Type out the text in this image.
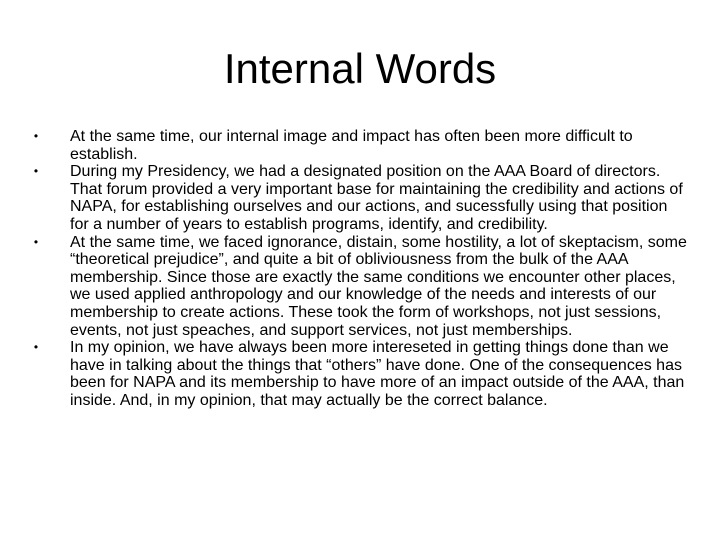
Internal Words
• At the same time, our internal image and impact has often been more difficult to establish.
• During my Presidency, we had a designated position on the AAA Board of directors. That forum provided a very important base for maintaining the credibility and actions of NAPA, for establishing ourselves and our actions, and sucessfully using that position for a number of years to establish programs, identify, and credibility.
• At the same time, we faced ignorance, distain, some hostility, a lot of skeptacism, some “theoretical prejudice”, and quite a bit of obliviousness from the bulk of the AAA membership. Since those are exactly the same conditions we encounter other places, we used applied anthropology and our knowledge of the needs and interests of our membership to create actions. These took the form of workshops, not just sessions, events, not just speaches, and support services, not just memberships.
• In my opinion, we have always been more intereseted in getting things done than we have in talking about the things that “others” have done. One of the consequences has been for NAPA and its membership to have more of an impact outside of the AAA, than inside. And, in my opinion, that may actually be the correct balance.
